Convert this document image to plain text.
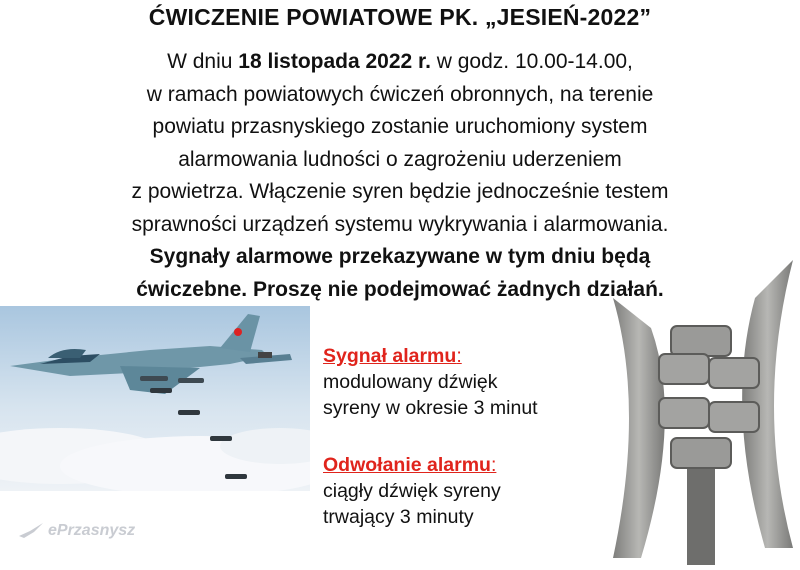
ĆWICZENIE POWIATOWE PK. „JESIEŃ-2022”
W dniu 18 listopada 2022 r. w godz. 10.00-14.00,
w ramach powiatowych ćwiczeń obronnych, na terenie
powiatu przasnyskiego zostanie uruchomiony system
alarmowania ludności o zagrożeniu uderzeniem
z powietrza. Włączenie syren będzie jednocześnie testem
sprawności urządzeń systemu wykrywania i alarmowania.
Sygnały alarmowe przekazywane w tym dniu będą
ćwiczebne. Proszę nie podejmować żadnych działań.
Sygnał alarmu:
modulowany dźwięk
syreny w okresie 3 minut
Odwołanie alarmu:
ciągły dźwięk syreny
trwający 3 minuty
ePrzasnysz
